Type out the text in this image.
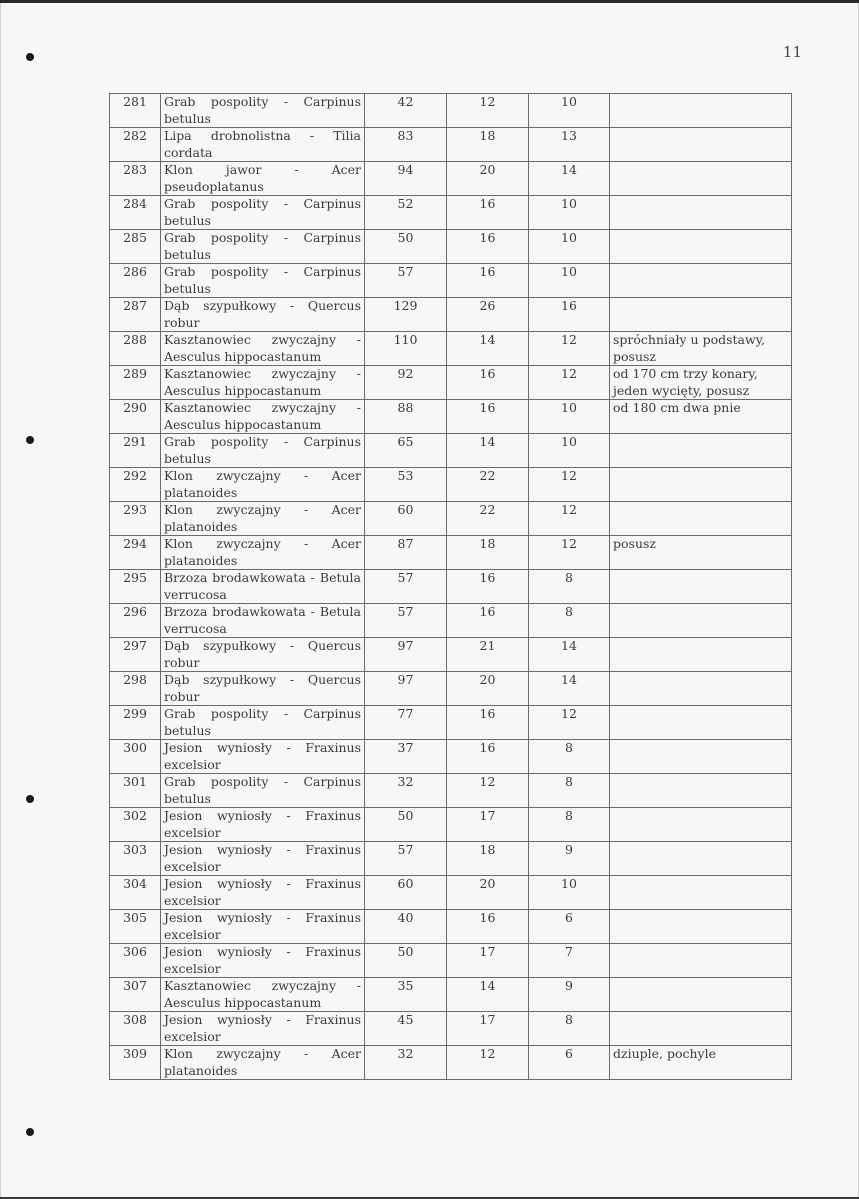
11
281	Grab pospolity - Carpinus betulus	42	12	10	
282	Lipa drobnolistna - Tilia cordata	83	18	13	
283	Klon jawor - Acer pseudoplatanus	94	20	14	
284	Grab pospolity - Carpinus betulus	52	16	10	
285	Grab pospolity - Carpinus betulus	50	16	10	
286	Grab pospolity - Carpinus betulus	57	16	10	
287	Dąb szypułkowy - Quercus robur	129	26	16	
288	Kasztanowiec zwyczajny - Aesculus hippocastanum	110	14	12	spróchniały u podstawy, posusz
289	Kasztanowiec zwyczajny - Aesculus hippocastanum	92	16	12	od 170 cm trzy konary, jeden wycięty, posusz
290	Kasztanowiec zwyczajny - Aesculus hippocastanum	88	16	10	od 180 cm dwa pnie
291	Grab pospolity - Carpinus betulus	65	14	10	
292	Klon zwyczajny - Acer platanoides	53	22	12	
293	Klon zwyczajny - Acer platanoides	60	22	12	
294	Klon zwyczajny - Acer platanoides	87	18	12	posusz
295	Brzoza brodawkowata - Betula verrucosa	57	16	8	
296	Brzoza brodawkowata - Betula verrucosa	57	16	8	
297	Dąb szypułkowy - Quercus robur	97	21	14	
298	Dąb szypułkowy - Quercus robur	97	20	14	
299	Grab pospolity - Carpinus betulus	77	16	12	
300	Jesion wyniosły - Fraxinus excelsior	37	16	8	
301	Grab pospolity - Carpinus betulus	32	12	8	
302	Jesion wyniosły - Fraxinus excelsior	50	17	8	
303	Jesion wyniosły - Fraxinus excelsior	57	18	9	
304	Jesion wyniosły - Fraxinus excelsior	60	20	10	
305	Jesion wyniosły - Fraxinus excelsior	40	16	6	
306	Jesion wyniosły - Fraxinus excelsior	50	17	7	
307	Kasztanowiec zwyczajny - Aesculus hippocastanum	35	14	9	
308	Jesion wyniosły - Fraxinus excelsior	45	17	8	
309	Klon zwyczajny - Acer platanoides	32	12	6	dziuple, pochyle
